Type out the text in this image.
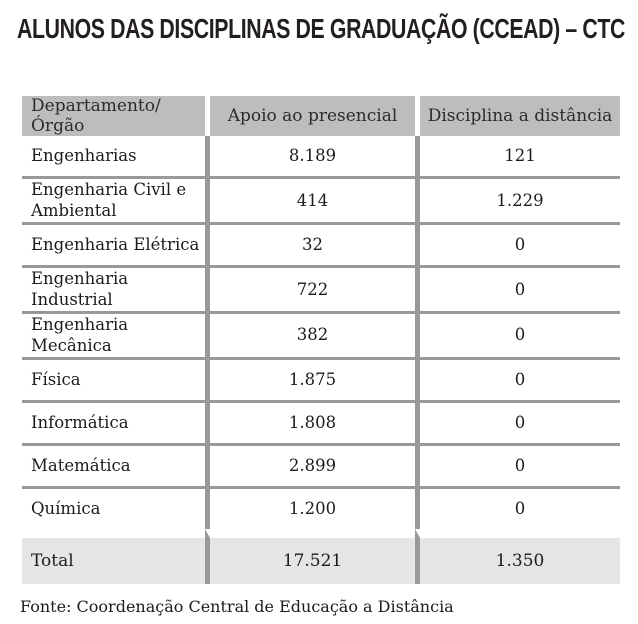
ALUNOS DAS DISCIPLINAS DE GRADUAÇÃO (CCEAD) – CTC
Departamento/Órgão	Apoio ao presencial	Disciplina a distância
Engenharias	8.189	121
Engenharia Civil e Ambiental	414	1.229
Engenharia Elétrica	32	0
Engenharia Industrial	722	0
Engenharia Mecânica	382	0
Física	1.875	0
Informática	1.808	0
Matemática	2.899	0
Química	1.200	0
Total	17.521	1.350

Fonte: Coordenação Central de Educação a Distância
